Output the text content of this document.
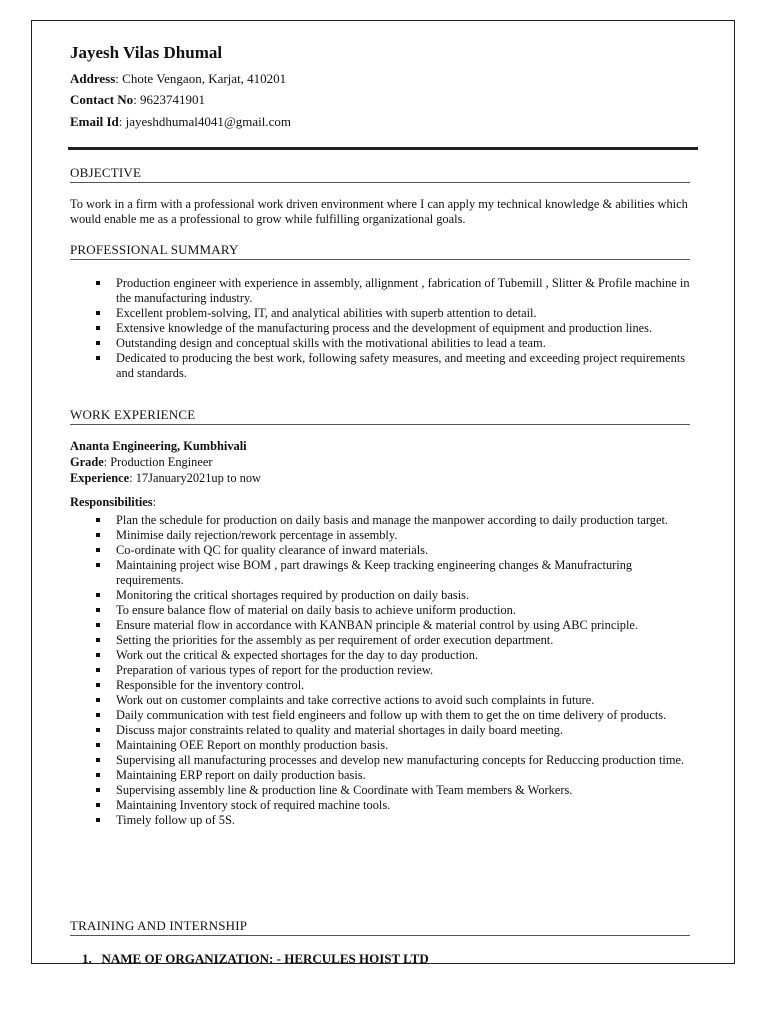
Jayesh Vilas Dhumal
Address: Chote Vengaon, Karjat, 410201
Contact No: 9623741901
Email Id: jayeshdhumal4041@gmail.com
OBJECTIVE
To work in a firm with a professional work driven environment where I can apply my technical knowledge & abilities which would enable me as a professional to grow while fulfilling organizational goals.
PROFESSIONAL SUMMARY
Production engineer with experience in assembly, allignment , fabrication of Tubemill , Slitter & Profile machine in the manufacturing industry.
Excellent problem-solving, IT, and analytical abilities with superb attention to detail.
Extensive knowledge of the manufacturing process and the development of equipment and production lines.
Outstanding design and conceptual skills with the motivational abilities to lead a team.
Dedicated to producing the best work, following safety measures, and meeting and exceeding project requirements and standards.
WORK EXPERIENCE
Ananta Engineering, Kumbhivali
Grade: Production Engineer
Experience: 17January2021up to now
Responsibilities:
Plan the schedule for production on daily basis and manage the manpower according to daily production target.
Minimise daily rejection/rework percentage in assembly.
Co-ordinate with QC for quality clearance of inward materials.
Maintaining project wise BOM , part drawings & Keep tracking engineering changes & Manufracturing requirements.
Monitoring the critical shortages required by production on daily basis.
To ensure balance flow of material on daily basis to achieve uniform production.
Ensure material flow in accordance with KANBAN principle & material control by using ABC principle.
Setting the priorities for the assembly as per requirement of order execution department.
Work out the critical & expected shortages for the day to day production.
Preparation of various types of report for the production review.
Responsible for the inventory control.
Work out on customer complaints and take corrective actions to avoid such complaints in future.
Daily communication with test field engineers and follow up with them to get the on time delivery of products.
Discuss major constraints related to quality and material shortages in daily board meeting.
Maintaining OEE Report on monthly production basis.
Supervising all manufacturing processes and develop new manufacturing concepts for Reduccing production time.
Maintaining ERP report on daily production basis.
Supervising assembly line & production line & Coordinate with Team members & Workers.
Maintaining Inventory stock of required machine tools.
Timely follow up of 5S.
TRAINING AND INTERNSHIP
1. NAME OF ORGANIZATION: - HERCULES HOIST LTD
